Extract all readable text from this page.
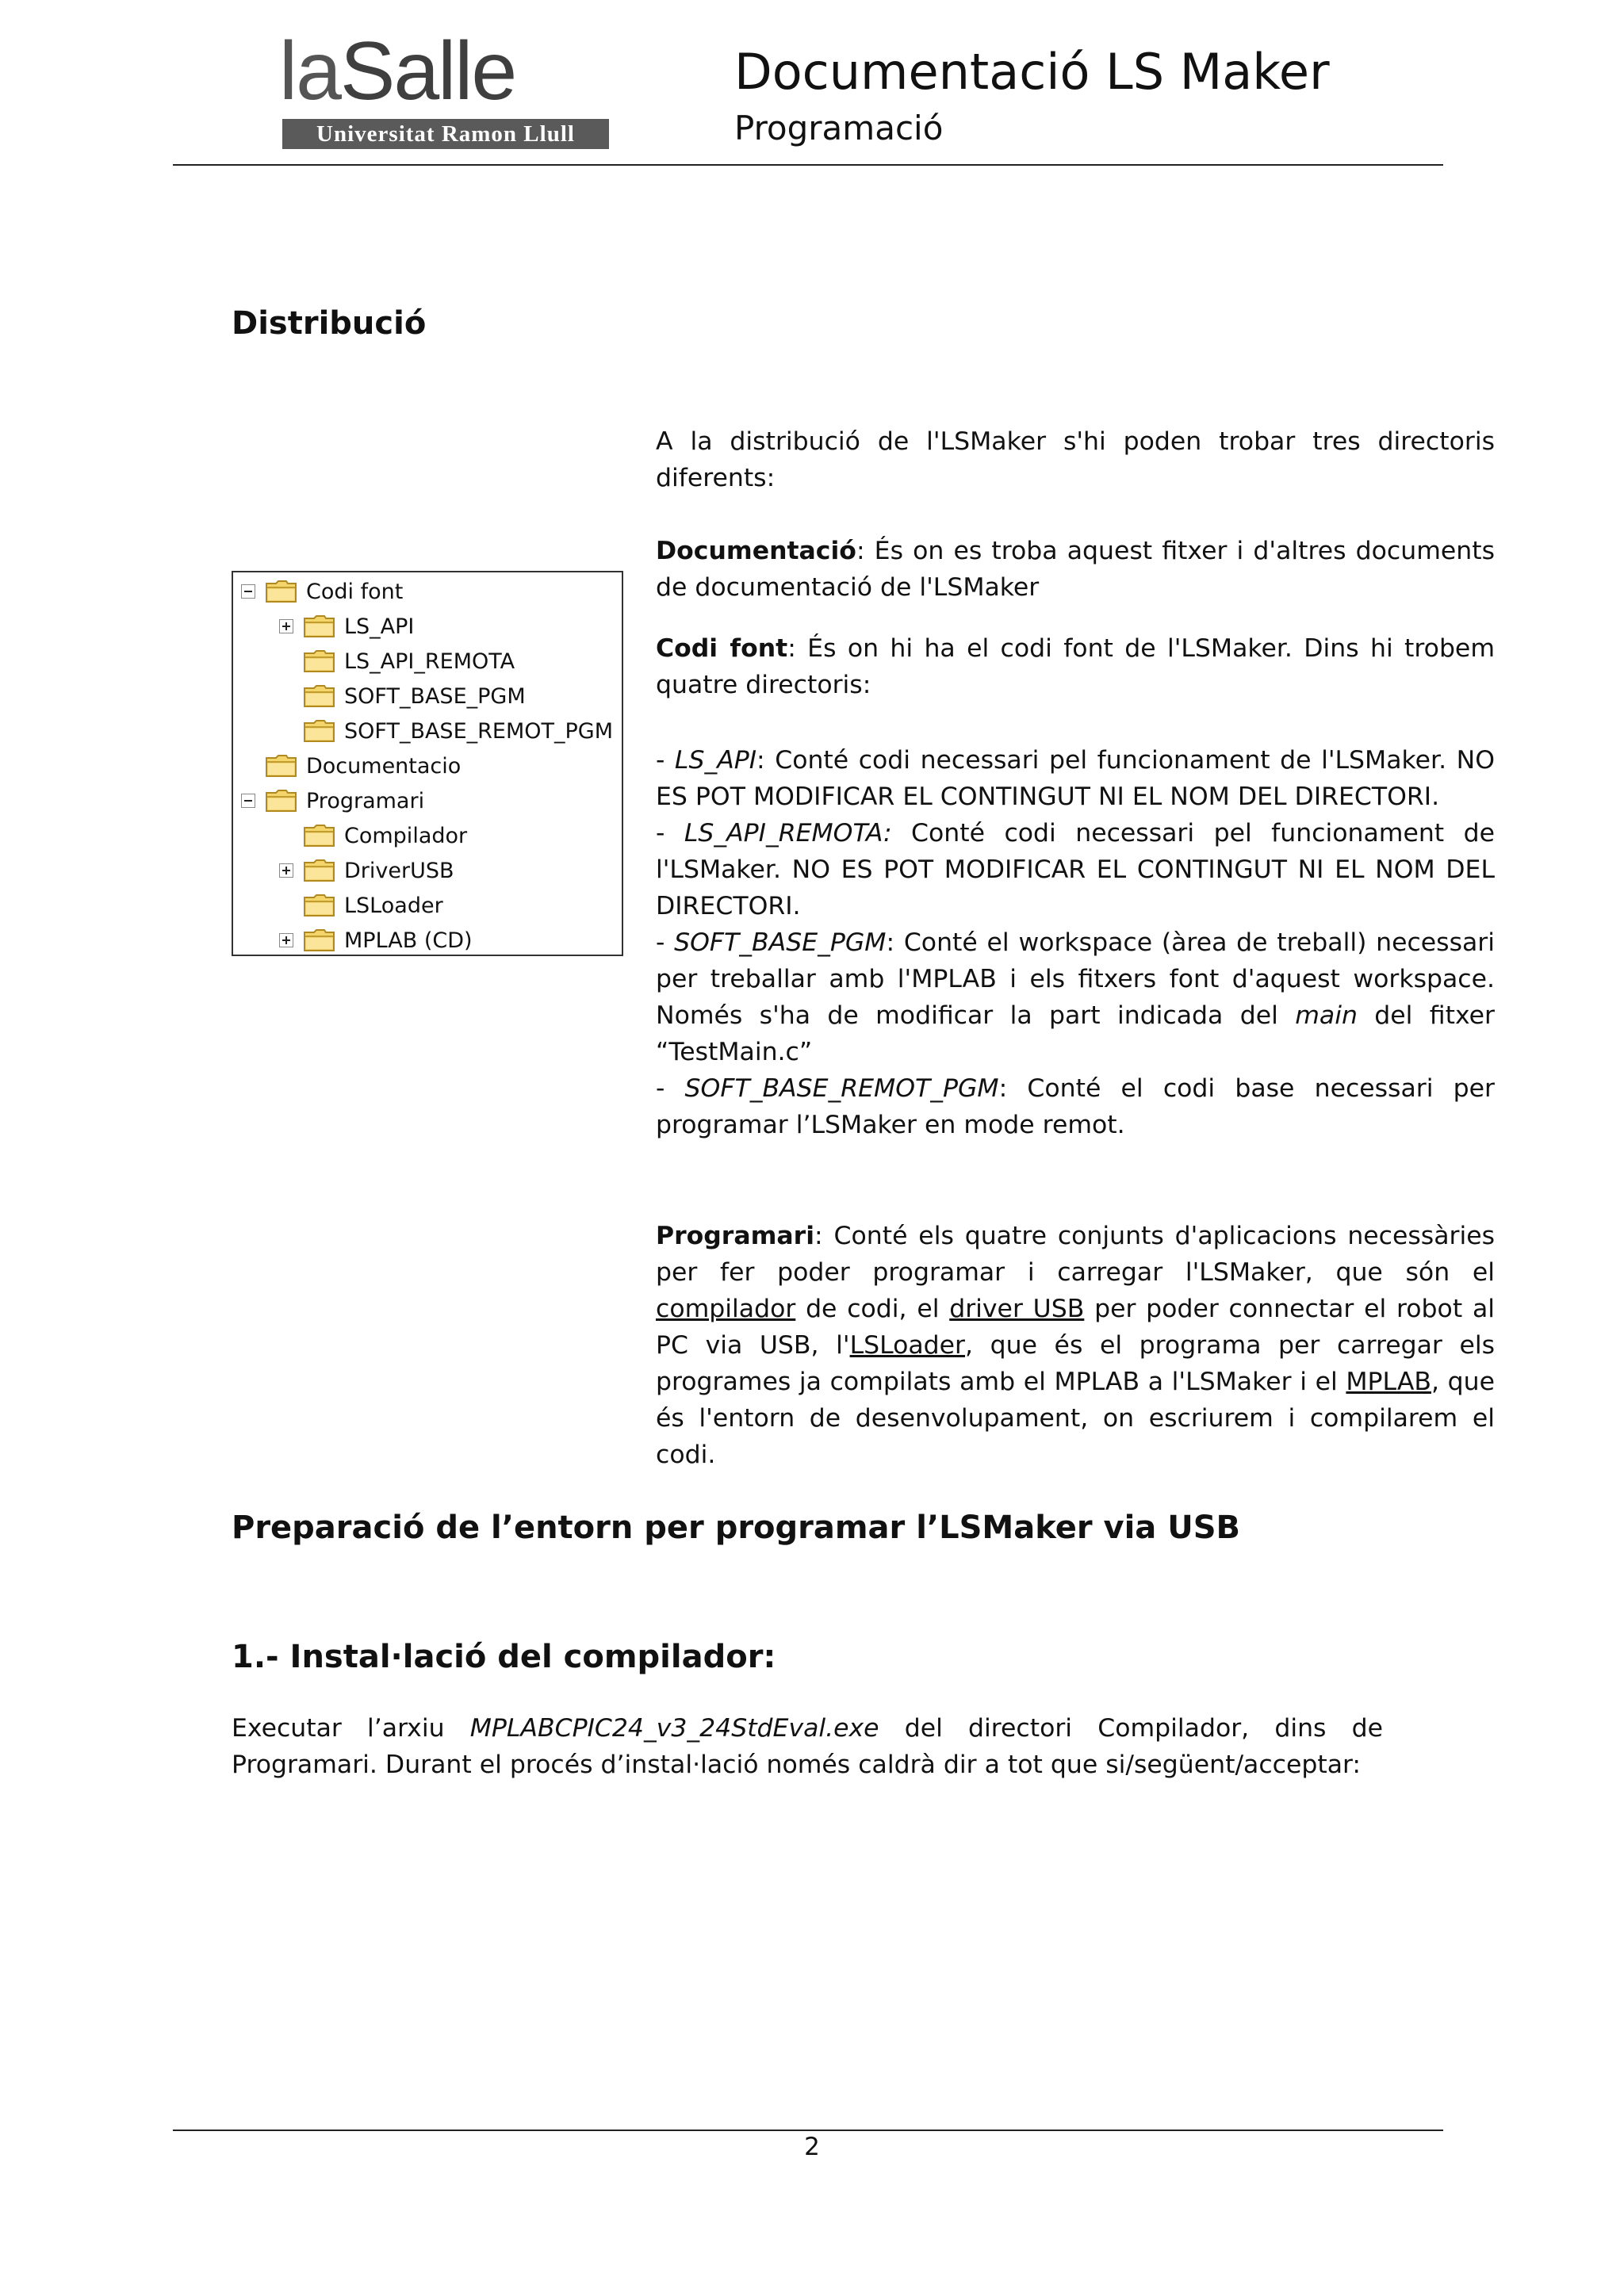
laSalle
Universitat Ramon Llull
Documentació LS Maker
Programació
Distribució
Codi font
LS_API
LS_API_REMOTA
SOFT_BASE_PGM
SOFT_BASE_REMOT_PGM
Documentacio
Programari
Compilador
DriverUSB
LSLoader
MPLAB (CD)
A la distribució de l'LSMaker s'hi poden trobar tres directoris diferents:
Documentació: És on es troba aquest fitxer i d'altres documents de documentació de l'LSMaker
Codi font: És on hi ha el codi font de l'LSMaker. Dins hi trobem quatre directoris:
- LS_API: Conté codi necessari pel funcionament de l'LSMaker. NO ES POT MODIFICAR EL CONTINGUT NI EL NOM DEL DIRECTORI.
- LS_API_REMOTA: Conté codi necessari pel funcionament de l'LSMaker. NO ES POT MODIFICAR EL CONTINGUT NI EL NOM DEL DIRECTORI.
- SOFT_BASE_PGM: Conté el workspace (àrea de treball) necessari per treballar amb l'MPLAB i els fitxers font d'aquest workspace. Només s'ha de modificar la part indicada del main del fitxer “TestMain.c”
- SOFT_BASE_REMOT_PGM: Conté el codi base necessari per programar l’LSMaker en mode remot.
Programari: Conté els quatre conjunts d'aplicacions necessàries per fer poder programar i carregar l'LSMaker, que són el compilador de codi, el driver USB per poder connectar el robot al PC via USB, l'LSLoader, que és el programa per carregar els programes ja compilats amb el MPLAB a l'LSMaker i el MPLAB, que és l'entorn de desenvolupament, on escriurem i compilarem el codi.
Preparació de l’entorn per programar l’LSMaker via USB
1.- Instal·lació del compilador:
Executar l’arxiu MPLABCPIC24_v3_24StdEval.exe del directori Compilador, dins de Programari. Durant el procés d’instal·lació només caldrà dir a tot que si/següent/acceptar:
2
